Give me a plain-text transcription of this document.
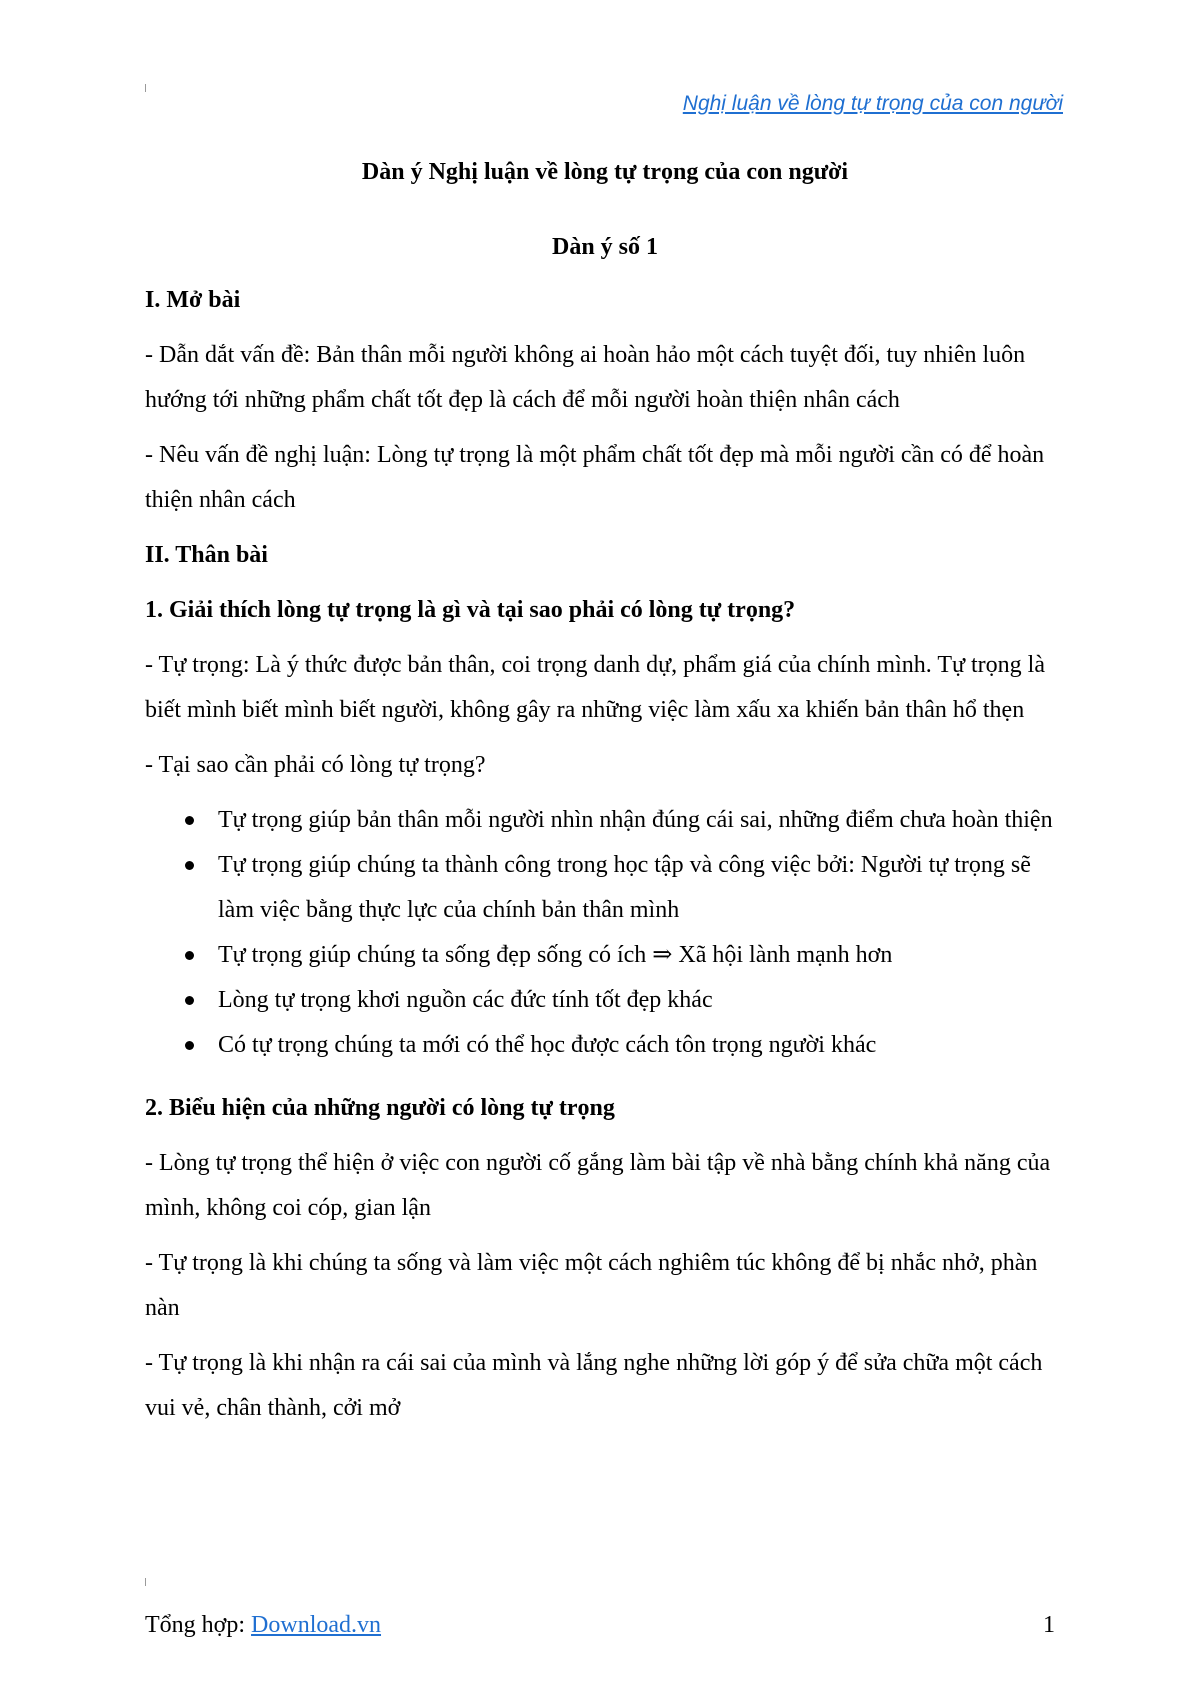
Nghị luận về lòng tự trọng của con người
Dàn ý Nghị luận về lòng tự trọng của con người
Dàn ý số 1
I. Mở bài
- Dẫn dắt vấn đề: Bản thân mỗi người không ai hoàn hảo một cách tuyệt đối, tuy nhiên luôn hướng tới những phẩm chất tốt đẹp là cách để mỗi người hoàn thiện nhân cách
- Nêu vấn đề nghị luận: Lòng tự trọng là một phẩm chất tốt đẹp mà mỗi người cần có để hoàn thiện nhân cách
II. Thân bài
1. Giải thích lòng tự trọng là gì và tại sao phải có lòng tự trọng?
- Tự trọng: Là ý thức được bản thân, coi trọng danh dự, phẩm giá của chính mình. Tự trọng là biết mình biết mình biết người, không gây ra những việc làm xấu xa khiến bản thân hổ thẹn
- Tại sao cần phải có lòng tự trọng?
Tự trọng giúp bản thân mỗi người nhìn nhận đúng cái sai, những điểm chưa hoàn thiện
Tự trọng giúp chúng ta thành công trong học tập và công việc bởi: Người tự trọng sẽ làm việc bằng thực lực của chính bản thân mình
Tự trọng giúp chúng ta sống đẹp sống có ích ⇒ Xã hội lành mạnh hơn
Lòng tự trọng khơi nguồn các đức tính tốt đẹp khác
Có tự trọng chúng ta mới có thể học được cách tôn trọng người khác
2. Biểu hiện của những người có lòng tự trọng
- Lòng tự trọng thể hiện ở việc con người cố gắng làm bài tập về nhà bằng chính khả năng của mình, không coi cóp, gian lận
- Tự trọng là khi chúng ta sống và làm việc một cách nghiêm túc không để bị nhắc nhở, phàn nàn
- Tự trọng là khi nhận ra cái sai của mình và lắng nghe những lời góp ý để sửa chữa một cách vui vẻ, chân thành, cởi mở
Tổng hợp: Download.vn	1
